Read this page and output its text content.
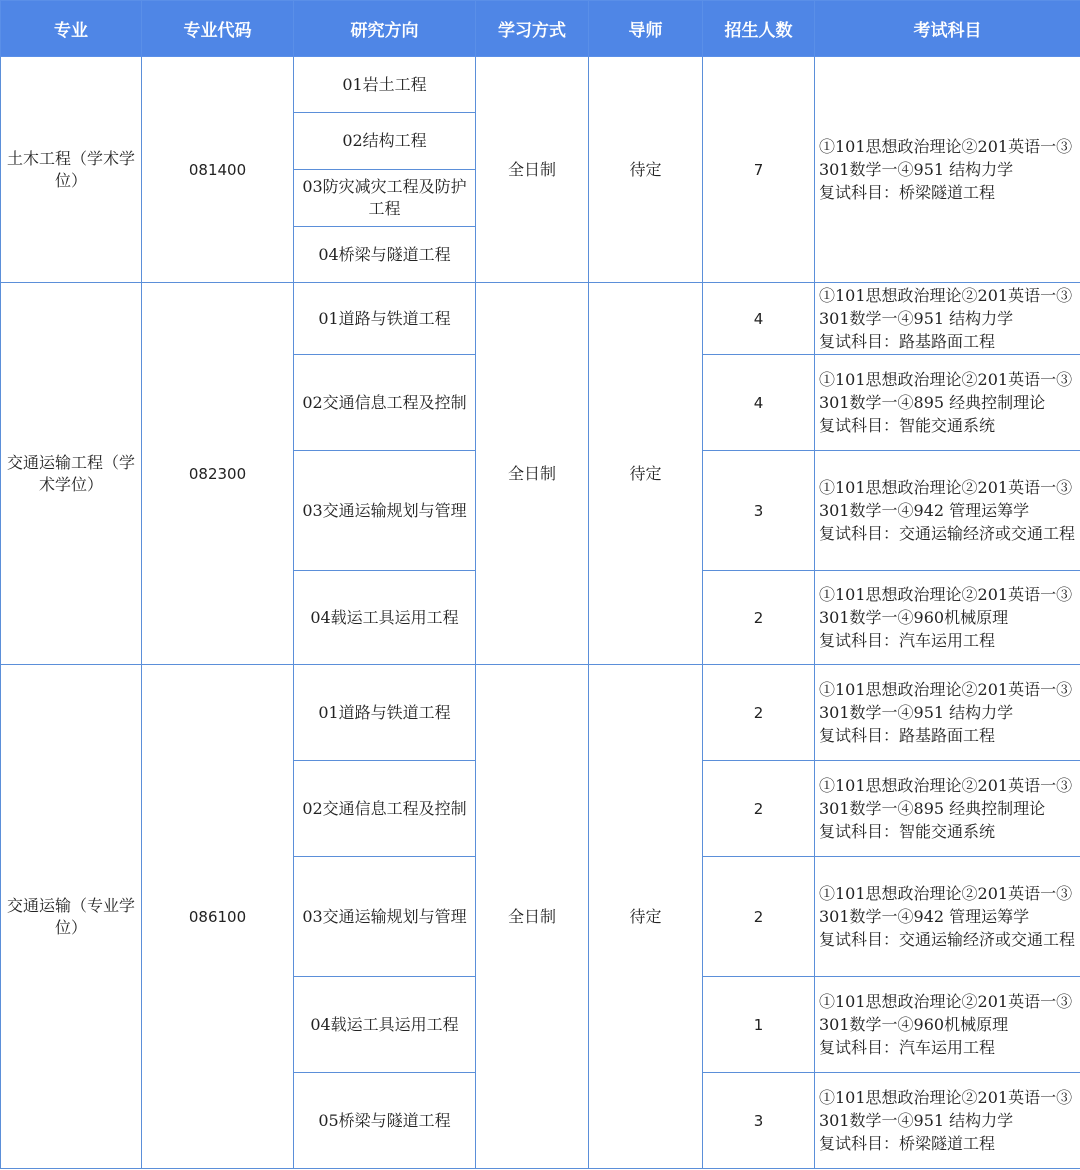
专业	专业代码	研究方向	学习方式	导师	招生人数	考试科目
土木工程（学术学位）	081400	01岩土工程	全日制	待定	7	①101思想政治理论②201英语一③301数学一④951 结构力学
复试科目：桥梁隧道工程
		02结构工程				
		03防灾减灾工程及防护工程				
		04桥梁与隧道工程				
交通运输工程（学术学位）	082300	01道路与铁道工程	全日制	待定	4	①101思想政治理论②201英语一③301数学一④951 结构力学
复试科目：路基路面工程
		02交通信息工程及控制			4	①101思想政治理论②201英语一③301数学一④895 经典控制理论
复试科目：智能交通系统
		03交通运输规划与管理			3	①101思想政治理论②201英语一③301数学一④942 管理运筹学
复试科目：交通运输经济或交通工程
		04载运工具运用工程			2	①101思想政治理论②201英语一③301数学一④960机械原理
复试科目：汽车运用工程
交通运输（专业学位）	086100	01道路与铁道工程	全日制	待定	2	①101思想政治理论②201英语一③301数学一④951 结构力学
复试科目：路基路面工程
		02交通信息工程及控制			2	①101思想政治理论②201英语一③301数学一④895 经典控制理论
复试科目：智能交通系统
		03交通运输规划与管理			2	①101思想政治理论②201英语一③301数学一④942 管理运筹学
复试科目：交通运输经济或交通工程
		04载运工具运用工程			1	①101思想政治理论②201英语一③301数学一④960机械原理
复试科目：汽车运用工程
		05桥梁与隧道工程			3	①101思想政治理论②201英语一③301数学一④951 结构力学
复试科目：桥梁隧道工程
